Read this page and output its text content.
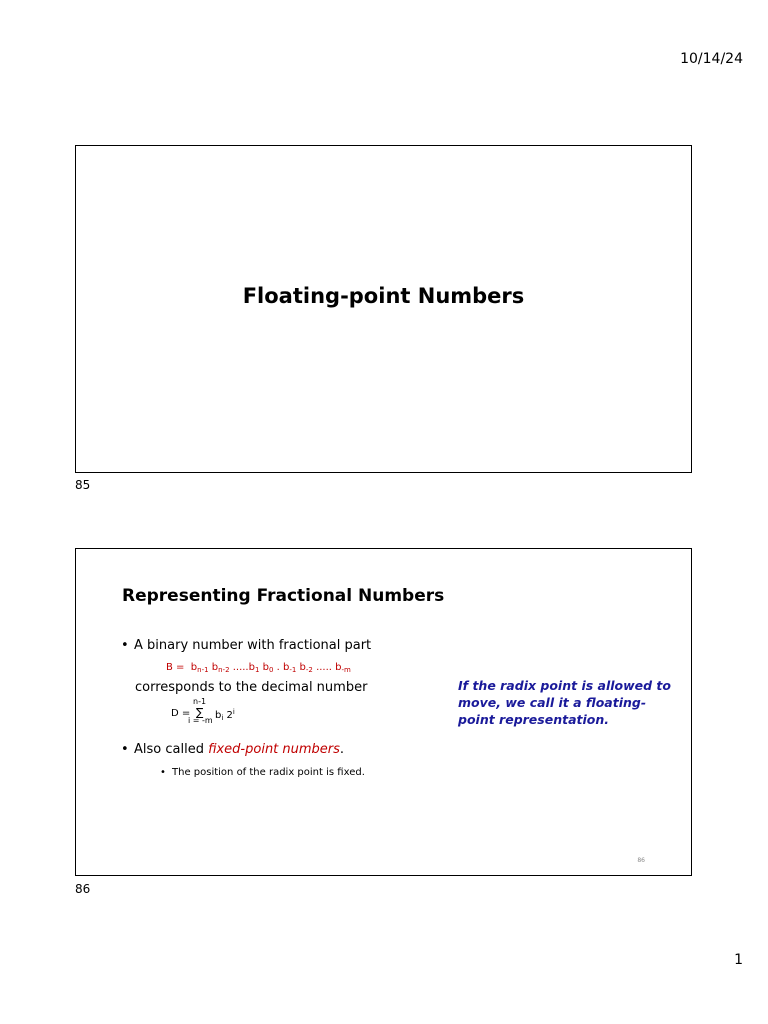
10/14/24
Floating-point Numbers
85
Representing Fractional Numbers
• A binary number with fractional part
$B = b_{n-1}$ $b_{n-2}$ $.....b_1$ $b_0$ . $b_{-1}$ $b_{-2}$ ..... $b_{-m}$
corresponds to the decimal number
n-1
D = ∑
i = -m $b_i$ 2$^i$
• Also called fixed-point numbers.
• The position of the radix point is fixed.
If the radix point is allowed to move, we call it a floating-point representation.
86
86
1
